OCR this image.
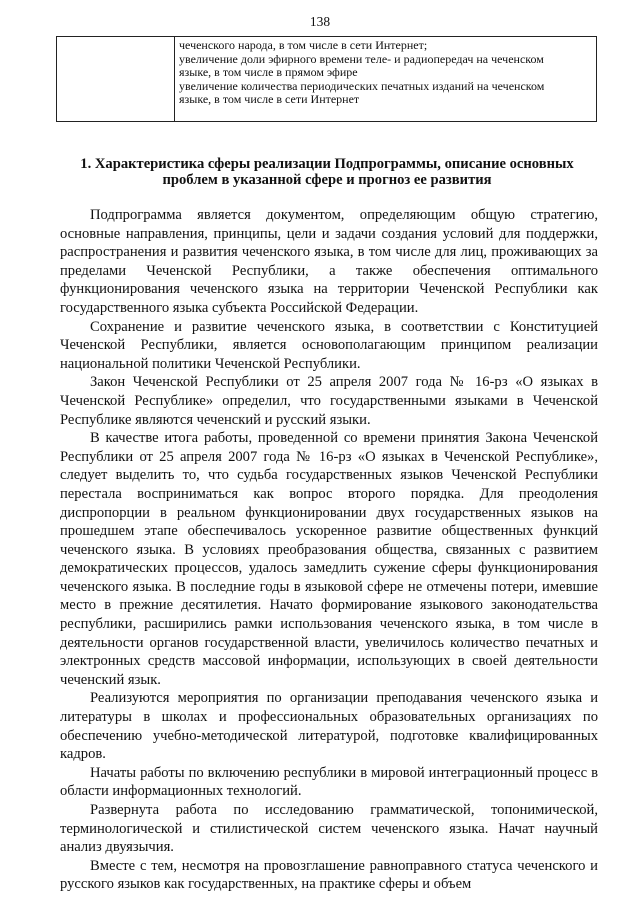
138

чеченского народа, в том числе в сети Интернет;
увеличение доли эфирного времени теле- и радиопередач на чеченском
языке, в том числе в прямом эфире
увеличение количества периодических печатных изданий на чеченском
языке, в том числе в сети Интернет
1. Характеристика сферы реализации Подпрограммы, описание основных
проблем в указанной сфере и прогноз ее развития

Подпрограмма является документом, определяющим общую стратегию, основные направления, принципы, цели и задачи создания условий для поддержки, распространения и развития чеченского языка, в том числе для лиц, проживающих за пределами Чеченской Республики, а также обеспечения оптимального функционирования чеченского языка на территории Чеченской Республики как государственного языка субъекта Российской Федерации.

Сохранение и развитие чеченского языка, в соответствии с Конституцией Чеченской Республики, является основополагающим принципом реализации национальной политики Чеченской Республики.

Закон Чеченской Республики от 25 апреля 2007 года № 16-рз «О языках в Чеченской Республике» определил, что государственными языками в Чеченской Республике являются чеченский и русский языки.

В качестве итога работы, проведенной со времени принятия Закона Чеченской Республики от 25 апреля 2007 года № 16-рз «О языках в Чеченской Республике», следует выделить то, что судьба государственных языков Чеченской Республики перестала восприниматься как вопрос второго порядка. Для преодоления диспропорции в реальном функционировании двух государственных языков на прошедшем этапе обеспечивалось ускоренное развитие общественных функций чеченского языка. В условиях преобразования общества, связанных с развитием демократических процессов, удалось замедлить сужение сферы функционирования чеченского языка. В последние годы в языковой сфере не отмечены потери, имевшие место в прежние десятилетия. Начато формирование языкового законодательства республики, расширились рамки использования чеченского языка, в том числе в деятельности органов государственной власти, увеличилось количество печатных и электронных средств массовой информации, использующих в своей деятельности чеченский язык.

Реализуются мероприятия по организации преподавания чеченского языка и литературы в школах и профессиональных образовательных организациях по обеспечению учебно-методической литературой, подготовке квалифицированных кадров.

Начаты работы по включению республики в мировой интеграционный процесс в области информационных технологий.

Развернута работа по исследованию грамматической, топонимической, терминологической и стилистической систем чеченского языка. Начат научный анализ двуязычия.

Вместе с тем, несмотря на провозглашение равноправного статуса чеченского и русского языков как государственных, на практике сферы и объем
